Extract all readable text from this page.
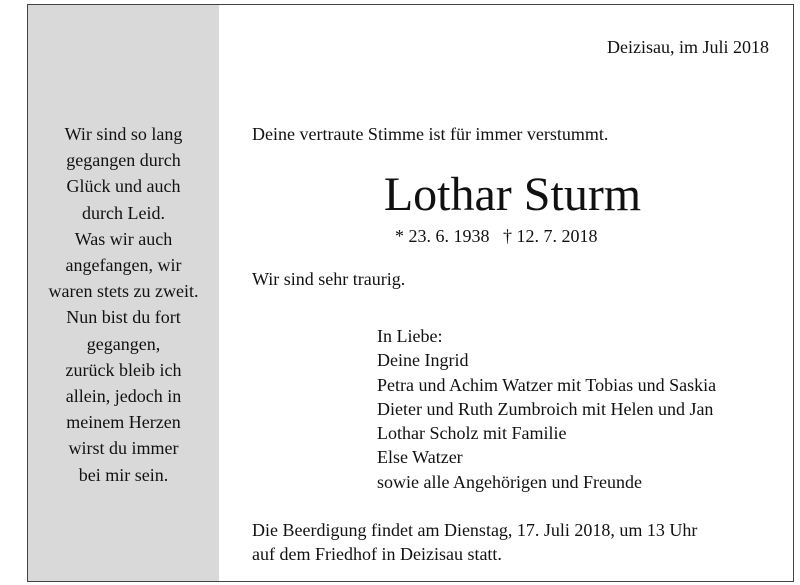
Wir sind so lang
gegangen durch
Glück und auch
durch Leid.
Was wir auch
angefangen, wir
waren stets zu zweit.
Nun bist du fort
gegangen,
zurück bleib ich
allein, jedoch in
meinem Herzen
wirst du immer
bei mir sein.
Deizisau, im Juli 2018
Deine vertraute Stimme ist für immer verstummt.
Lothar Sturm
* 23. 6. 1938 † 12. 7. 2018
Wir sind sehr traurig.
In Liebe:
Deine Ingrid
Petra und Achim Watzer mit Tobias und Saskia
Dieter und Ruth Zumbroich mit Helen und Jan
Lothar Scholz mit Familie
Else Watzer
sowie alle Angehörigen und Freunde
Die Beerdigung findet am Dienstag, 17. Juli 2018, um 13 Uhr
auf dem Friedhof in Deizisau statt.
